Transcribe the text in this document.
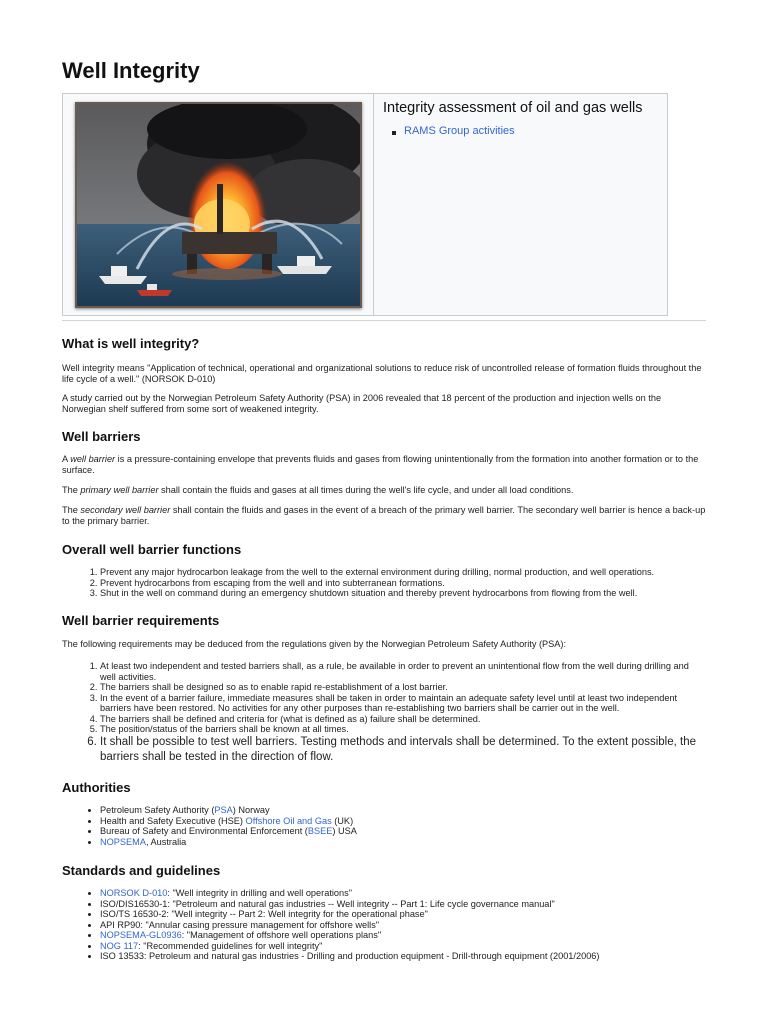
Well Integrity
Integrity assessment of oil and gas wells
RAMS Group activities
What is well integrity?

Well integrity means "Application of technical, operational and organizational solutions to reduce risk of uncontrolled release of formation fluids throughout the life cycle of a well." (NORSOK D-010)

A study carried out by the Norwegian Petroleum Safety Authority (PSA) in 2006 revealed that 18 percent of the production and injection wells on the Norwegian shelf suffered from some sort of weakened integrity.

Well barriers

A well barrier is a pressure-containing envelope that prevents fluids and gases from flowing unintentionally from the formation into another formation or to the surface.

The primary well barrier shall contain the fluids and gases at all times during the well's life cycle, and under all load conditions.

The secondary well barrier shall contain the fluids and gases in the event of a breach of the primary well barrier. The secondary well barrier is hence a back-up to the primary barrier.

Overall well barrier functions
1. Prevent any major hydrocarbon leakage from the well to the external environment during drilling, normal production, and well operations.
2. Prevent hydrocarbons from escaping from the well and into subterranean formations.
3. Shut in the well on command during an emergency shutdown situation and thereby prevent hydrocarbons from flowing from the well.
Well barrier requirements

The following requirements may be deduced from the regulations given by the Norwegian Petroleum Safety Authority (PSA):

1. At least two independent and tested barriers shall, as a rule, be available in order to prevent an unintentional flow from the well during drilling and well activities.
2. The barriers shall be designed so as to enable rapid re-establishment of a lost barrier.
3. In the event of a barrier failure, immediate measures shall be taken in order to maintain an adequate safety level until at least two independent barriers have been restored. No activities for any other purposes than re-establishing two barriers shall be carrier out in the well.
4. The barriers shall be defined and criteria for (what is defined as a) failure shall be determined.
5. The position/status of the barriers shall be known at all times.
6. It shall be possible to test well barriers. Testing methods and intervals shall be determined. To the extent possible, the barriers shall be tested in the direction of flow.
Authorities
• Petroleum Safety Authority (PSA) Norway
• Health and Safety Executive (HSE) Offshore Oil and Gas (UK)
• Bureau of Safety and Environmental Enforcement (BSEE) USA
• NOPSEMA, Australia
Standards and guidelines
• NORSOK D-010: "Well integrity in drilling and well operations"
• ISO/DIS16530-1: "Petroleum and natural gas industries -- Well integrity -- Part 1: Life cycle governance manual"
• ISO/TS 16530-2: "Well integrity -- Part 2: Well integrity for the operational phase"
• API RP90: "Annular casing pressure management for offshore wells"
• NOPSEMA-GL0936: "Management of offshore well operations plans"
• NOG 117: "Recommended guidelines for well integrity"
• ISO 13533: Petroleum and natural gas industries - Drilling and production equipment - Drill-through equipment (2001/2006)
